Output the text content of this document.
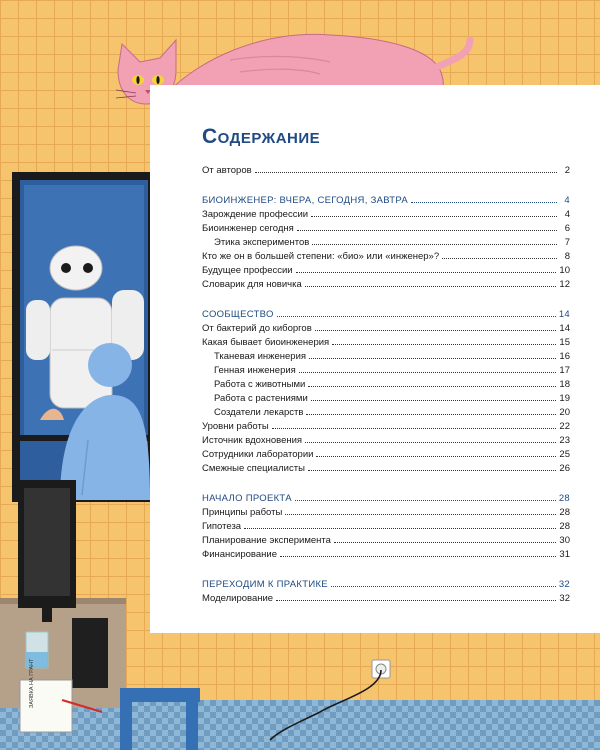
ЗАЯВКА НА ГРАНТ
Содержание
От авторов	2
БИОИНЖЕНЕР: ВЧЕРА, СЕГОДНЯ, ЗАВТРА	4
Зарождение профессии	4
Биоинженер сегодня	6
Этика экспериментов	7
Кто же он в большей степени: «био» или «инженер»?	8
Будущее профессии	10
Словарик для новичка	12
СООБЩЕСТВО	14
От бактерий до киборгов	14
Какая бывает биоинженерия	15
Тканевая инженерия	16
Генная инженерия	17
Работа с животными	18
Работа с растениями	19
Создатели лекарств	20
Уровни работы	22
Источник вдохновения	23
Сотрудники лаборатории	25
Смежные специалисты	26
НАЧАЛО ПРОЕКТА	28
Принципы работы	28
Гипотеза	28
Планирование эксперимента	30
Финансирование	31
ПЕРЕХОДИМ К ПРАКТИКЕ	32
Моделирование	32
